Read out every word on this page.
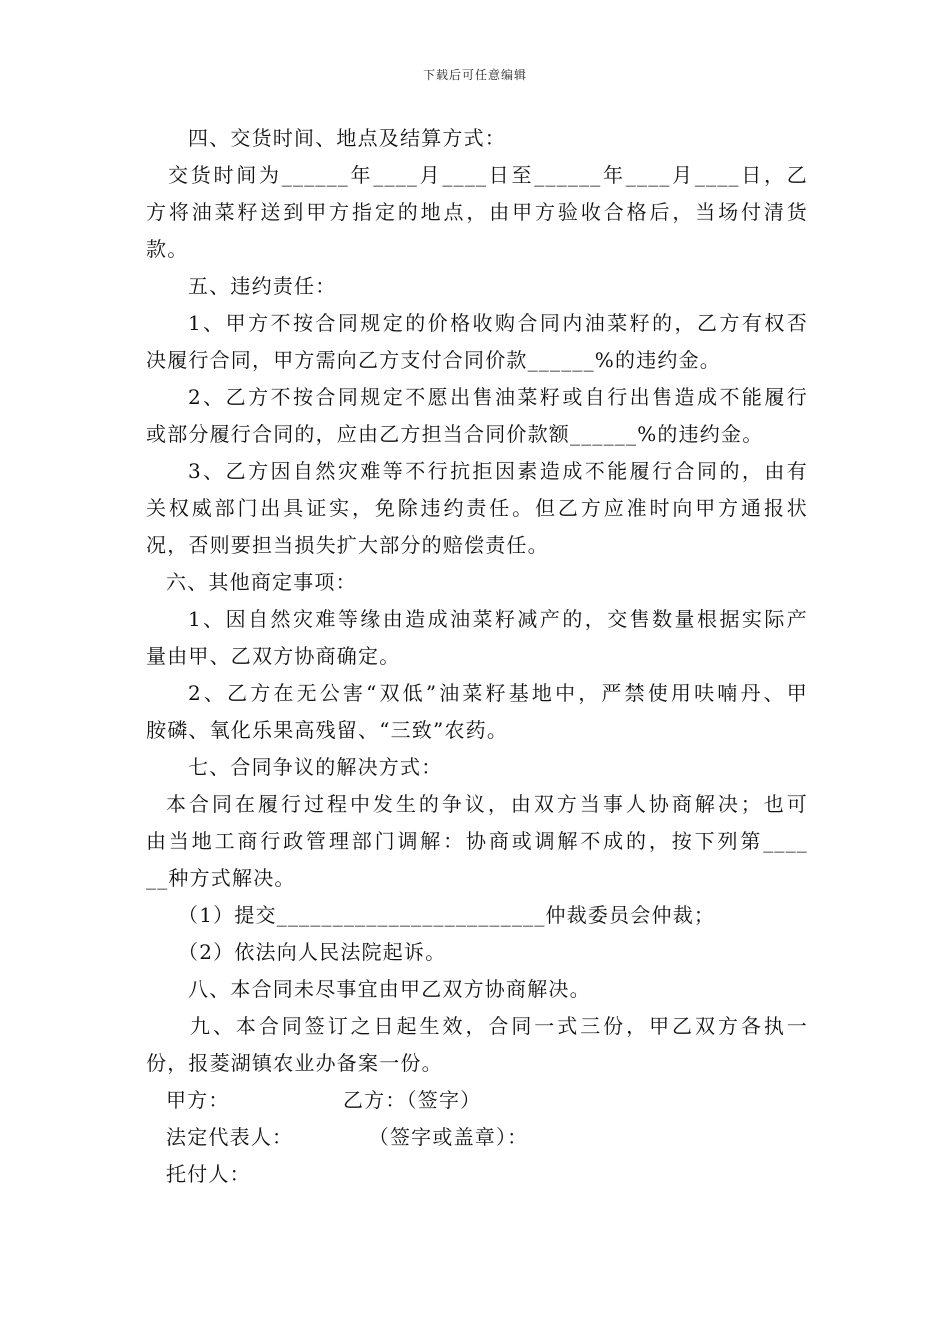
下载后可任意编辑
四、交货时间、地点及结算方式：
交货时间为______年____月____日至______年____月____日，乙
方将油菜籽送到甲方指定的地点，由甲方验收合格后，当场付清货
款。
五、违约责任：
1、甲方不按合同规定的价格收购合同内油菜籽的，乙方有权否
决履行合同，甲方需向乙方支付合同价款______%的违约金。
2、乙方不按合同规定不愿出售油菜籽或自行出售造成不能履行
或部分履行合同的，应由乙方担当合同价款额______%的违约金。
3、乙方因自然灾难等不行抗拒因素造成不能履行合同的，由有
关权威部门出具证实，免除违约责任。但乙方应准时向甲方通报状
况，否则要担当损失扩大部分的赔偿责任。
六、其他商定事项：
1、因自然灾难等缘由造成油菜籽减产的，交售数量根据实际产
量由甲、乙双方协商确定。
2、乙方在无公害“双低”油菜籽基地中，严禁使用呋喃丹、甲
胺磷、氧化乐果高残留、“三致”农药。
七、合同争议的解决方式：
本合同在履行过程中发生的争议，由双方当事人协商解决；也可
由当地工商行政管理部门调解：协商或调解不成的，按下列第____
__种方式解决。
（1）提交________________________仲裁委员会仲裁；
（2）依法向人民法院起诉。
八、本合同未尽事宜由甲乙双方协商解决。
九、本合同签订之日起生效，合同一式三份，甲乙双方各执一
份，报菱湖镇农业办备案一份。
甲方：               乙方：（签字）
法定代表人：          （签字或盖章）：
托付人：
